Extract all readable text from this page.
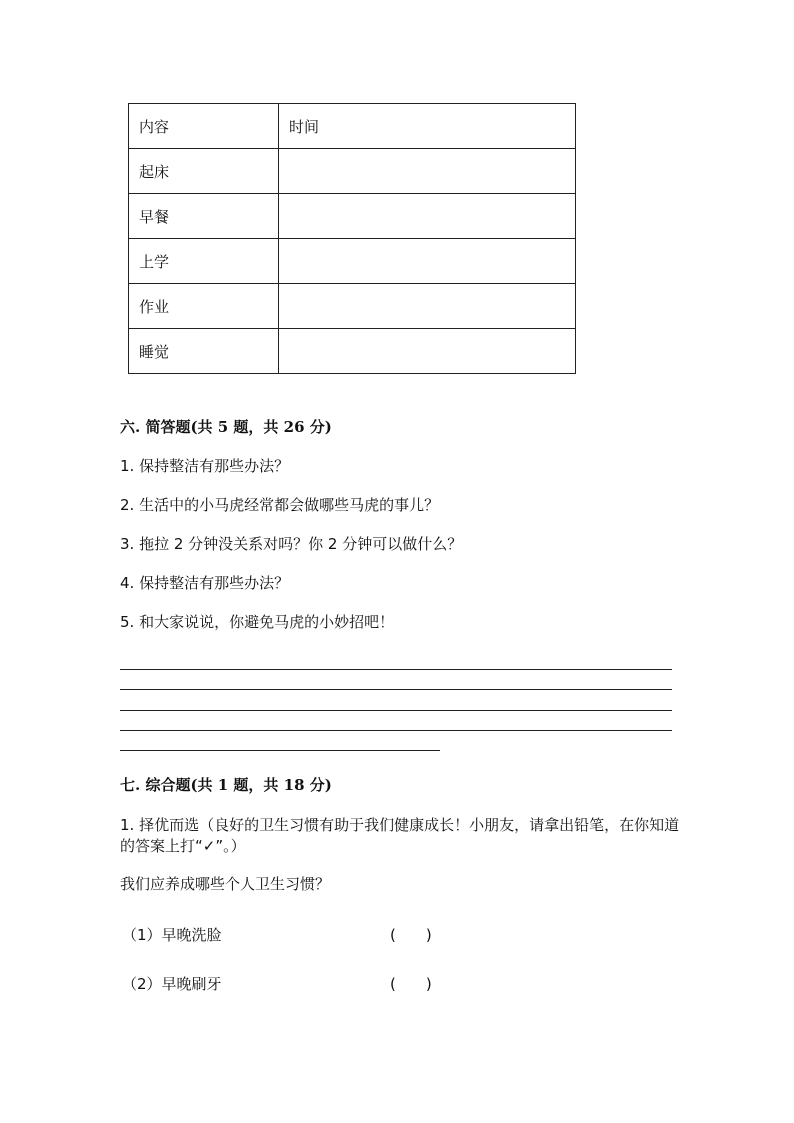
内容	时间
起床	
早餐	
上学	
作业	
睡觉	
六. 简答题(共 5 题，共 26 分)
1. 保持整洁有那些办法？
2. 生活中的小马虎经常都会做哪些马虎的事儿？
3. 拖拉 2 分钟没关系对吗？你 2 分钟可以做什么？
4. 保持整洁有那些办法？
5. 和大家说说，你避免马虎的小妙招吧！
七. 综合题(共 1 题，共 18 分)
1. 择优而选（良好的卫生习惯有助于我们健康成长！小朋友，请拿出铅笔，在你知道的答案上打“✓”。）
我们应养成哪些个人卫生习惯？
（1）早晚洗脸	(　　)
（2）早晚刷牙	(　　)
